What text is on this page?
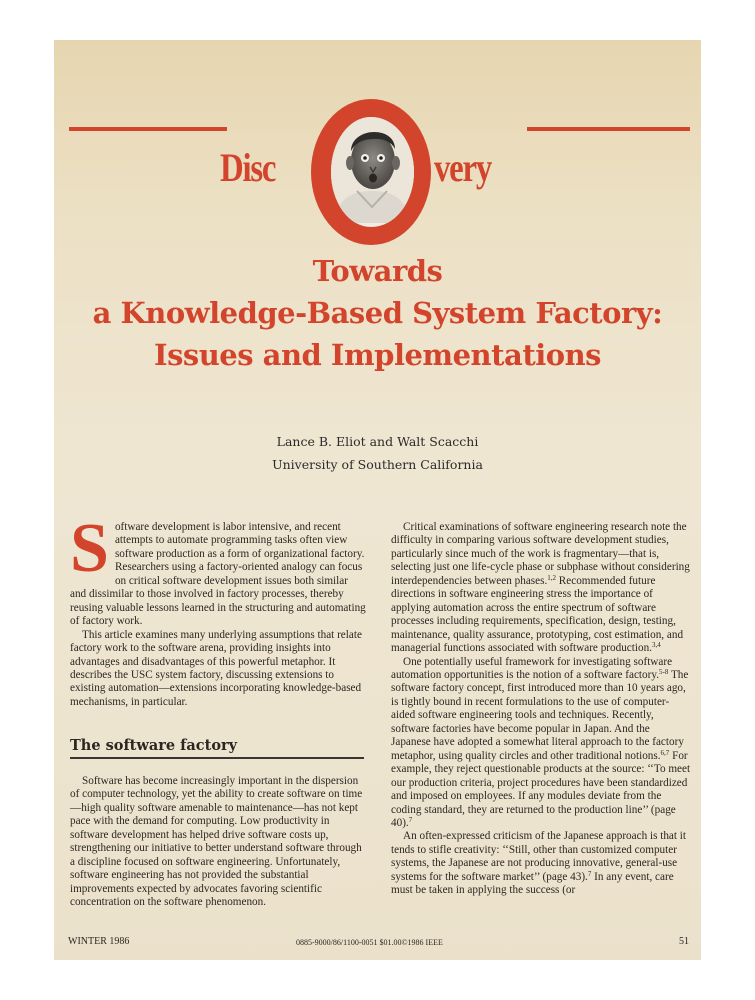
Disc	very
Towards
a Knowledge-Based System Factory:
Issues and Implementations
Lance B. Eliot and Walt Scacchi
University of Southern California
S oftware development is labor intensive, and recent attempts to automate programming tasks often view software production as a form of organizational factory. Researchers using a factory-oriented analogy can focus on critical software development issues both similar and dissimilar to those involved in factory processes, thereby reusing valuable lessons learned in the structuring and automating of factory work.

This article examines many underlying assumptions that relate factory work to the software arena, providing insights into advantages and disadvantages of this powerful metaphor. It describes the USC system factory, discussing extensions to existing automation—extensions incorporating knowledge-based mechanisms, in particular.

The software factory

Software has become increasingly important in the dispersion of computer technology, yet the ability to create software on time—high quality software amenable to maintenance—has not kept pace with the demand for computing. Low productivity in software development has helped drive software costs up, strengthening our initiative to better understand software through a discipline focused on software engineering. Unfortunately, software engineering has not provided the substantial improvements expected by advocates favoring scientific concentration on the software phenomenon.

Critical examinations of software engineering research note the difficulty in comparing various software development studies, particularly since much of the work is fragmentary—that is, selecting just one life-cycle phase or subphase without considering interdependencies between phases.$^{1,2}$ Recommended future directions in software engineering stress the importance of applying automation across the entire spectrum of software processes including requirements, specification, design, testing, maintenance, quality assurance, prototyping, cost estimation, and managerial functions associated with software production.$^{3,4}$

One potentially useful framework for investigating software automation opportunities is the notion of a software factory.$^{5-8}$ The software factory concept, first introduced more than 10 years ago, is tightly bound in recent formulations to the use of computer-aided software engineering tools and techniques. Recently, software factories have become popular in Japan. And the Japanese have adopted a somewhat literal approach to the factory metaphor, using quality circles and other traditional notions.$^{6,7}$ For example, they reject questionable products at the source: ‘‘To meet our production criteria, project procedures have been standardized and imposed on employees. If any modules deviate from the coding standard, they are returned to the production line’’ (page 40).$^7$

An often-expressed criticism of the Japanese approach is that it tends to stifle creativity: ‘‘Still, other than customized computer systems, the Japanese are not producing innovative, general-use systems for the software market’’ (page 43).$^7$ In any event, care must be taken in applying the success (or

WINTER 1986	0885-9000/86/1100-0051 $01.00©1986 IEEE	51
